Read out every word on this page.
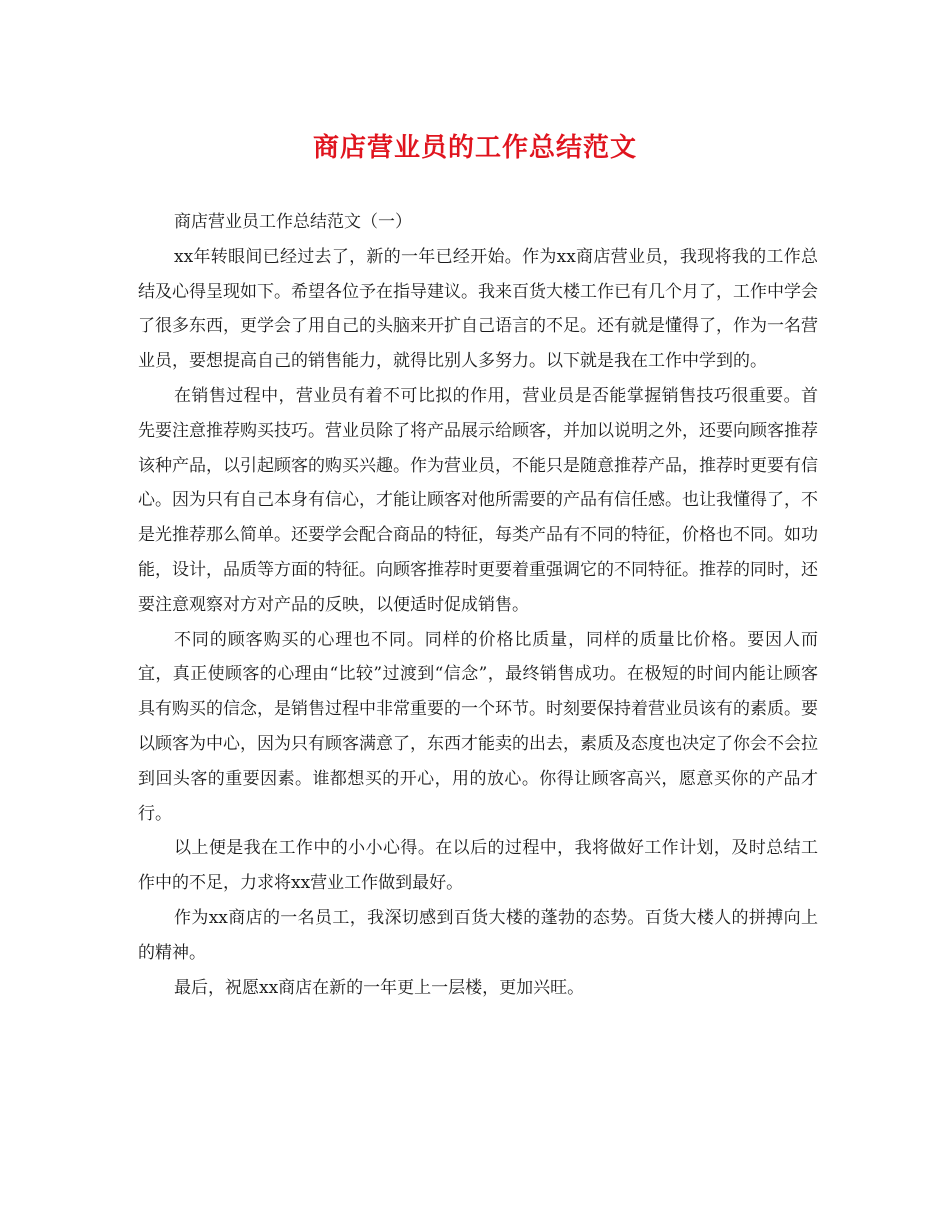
商店营业员的工作总结范文

商店营业员工作总结范文（一）

xx年转眼间已经过去了，新的一年已经开始。作为xx商店营业员，我现将我的工作总结及心得呈现如下。希望各位予在指导建议。我来百货大楼工作已有几个月了，工作中学会了很多东西，更学会了用自己的头脑来开扩自己语言的不足。还有就是懂得了，作为一名营业员，要想提高自己的销售能力，就得比别人多努力。以下就是我在工作中学到的。

在销售过程中，营业员有着不可比拟的作用，营业员是否能掌握销售技巧很重要。首先要注意推荐购买技巧。营业员除了将产品展示给顾客，并加以说明之外，还要向顾客推荐该种产品，以引起顾客的购买兴趣。作为营业员，不能只是随意推荐产品，推荐时更要有信心。因为只有自己本身有信心，才能让顾客对他所需要的产品有信任感。也让我懂得了，不是光推荐那么简单。还要学会配合商品的特征，每类产品有不同的特征，价格也不同。如功能，设计，品质等方面的特征。向顾客推荐时更要着重强调它的不同特征。推荐的同时，还要注意观察对方对产品的反映，以便适时促成销售。

不同的顾客购买的心理也不同。同样的价格比质量，同样的质量比价格。要因人而宜，真正使顾客的心理由“比较”过渡到“信念”，最终销售成功。在极短的时间内能让顾客具有购买的信念，是销售过程中非常重要的一个环节。时刻要保持着营业员该有的素质。要以顾客为中心，因为只有顾客满意了，东西才能卖的出去，素质及态度也决定了你会不会拉到回头客的重要因素。谁都想买的开心，用的放心。你得让顾客高兴，愿意买你的产品才行。

以上便是我在工作中的小小心得。在以后的过程中，我将做好工作计划，及时总结工作中的不足，力求将xx营业工作做到最好。

作为xx商店的一名员工，我深切感到百货大楼的蓬勃的态势。百货大楼人的拼搏向上的精神。

最后，祝愿xx商店在新的一年更上一层楼，更加兴旺。
